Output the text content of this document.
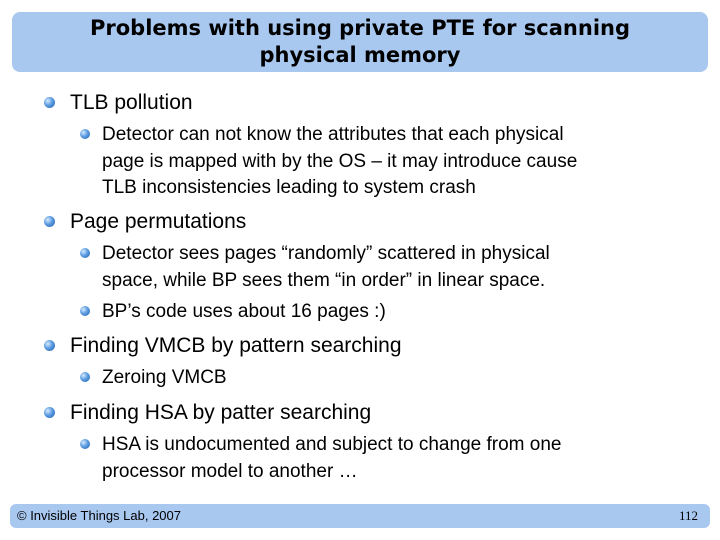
Problems with using private PTE for scanning
physical memory
TLB pollution
Detector can not know the attributes that each physical
page is mapped with by the OS – it may introduce cause
TLB inconsistencies leading to system crash
Page permutations
Detector sees pages “randomly” scattered in physical
space, while BP sees them “in order” in linear space.
BP’s code uses about 16 pages :)
Finding VMCB by pattern searching
Zeroing VMCB
Finding HSA by patter searching
HSA is undocumented and subject to change from one
processor model to another …
© Invisible Things Lab, 2007	112
